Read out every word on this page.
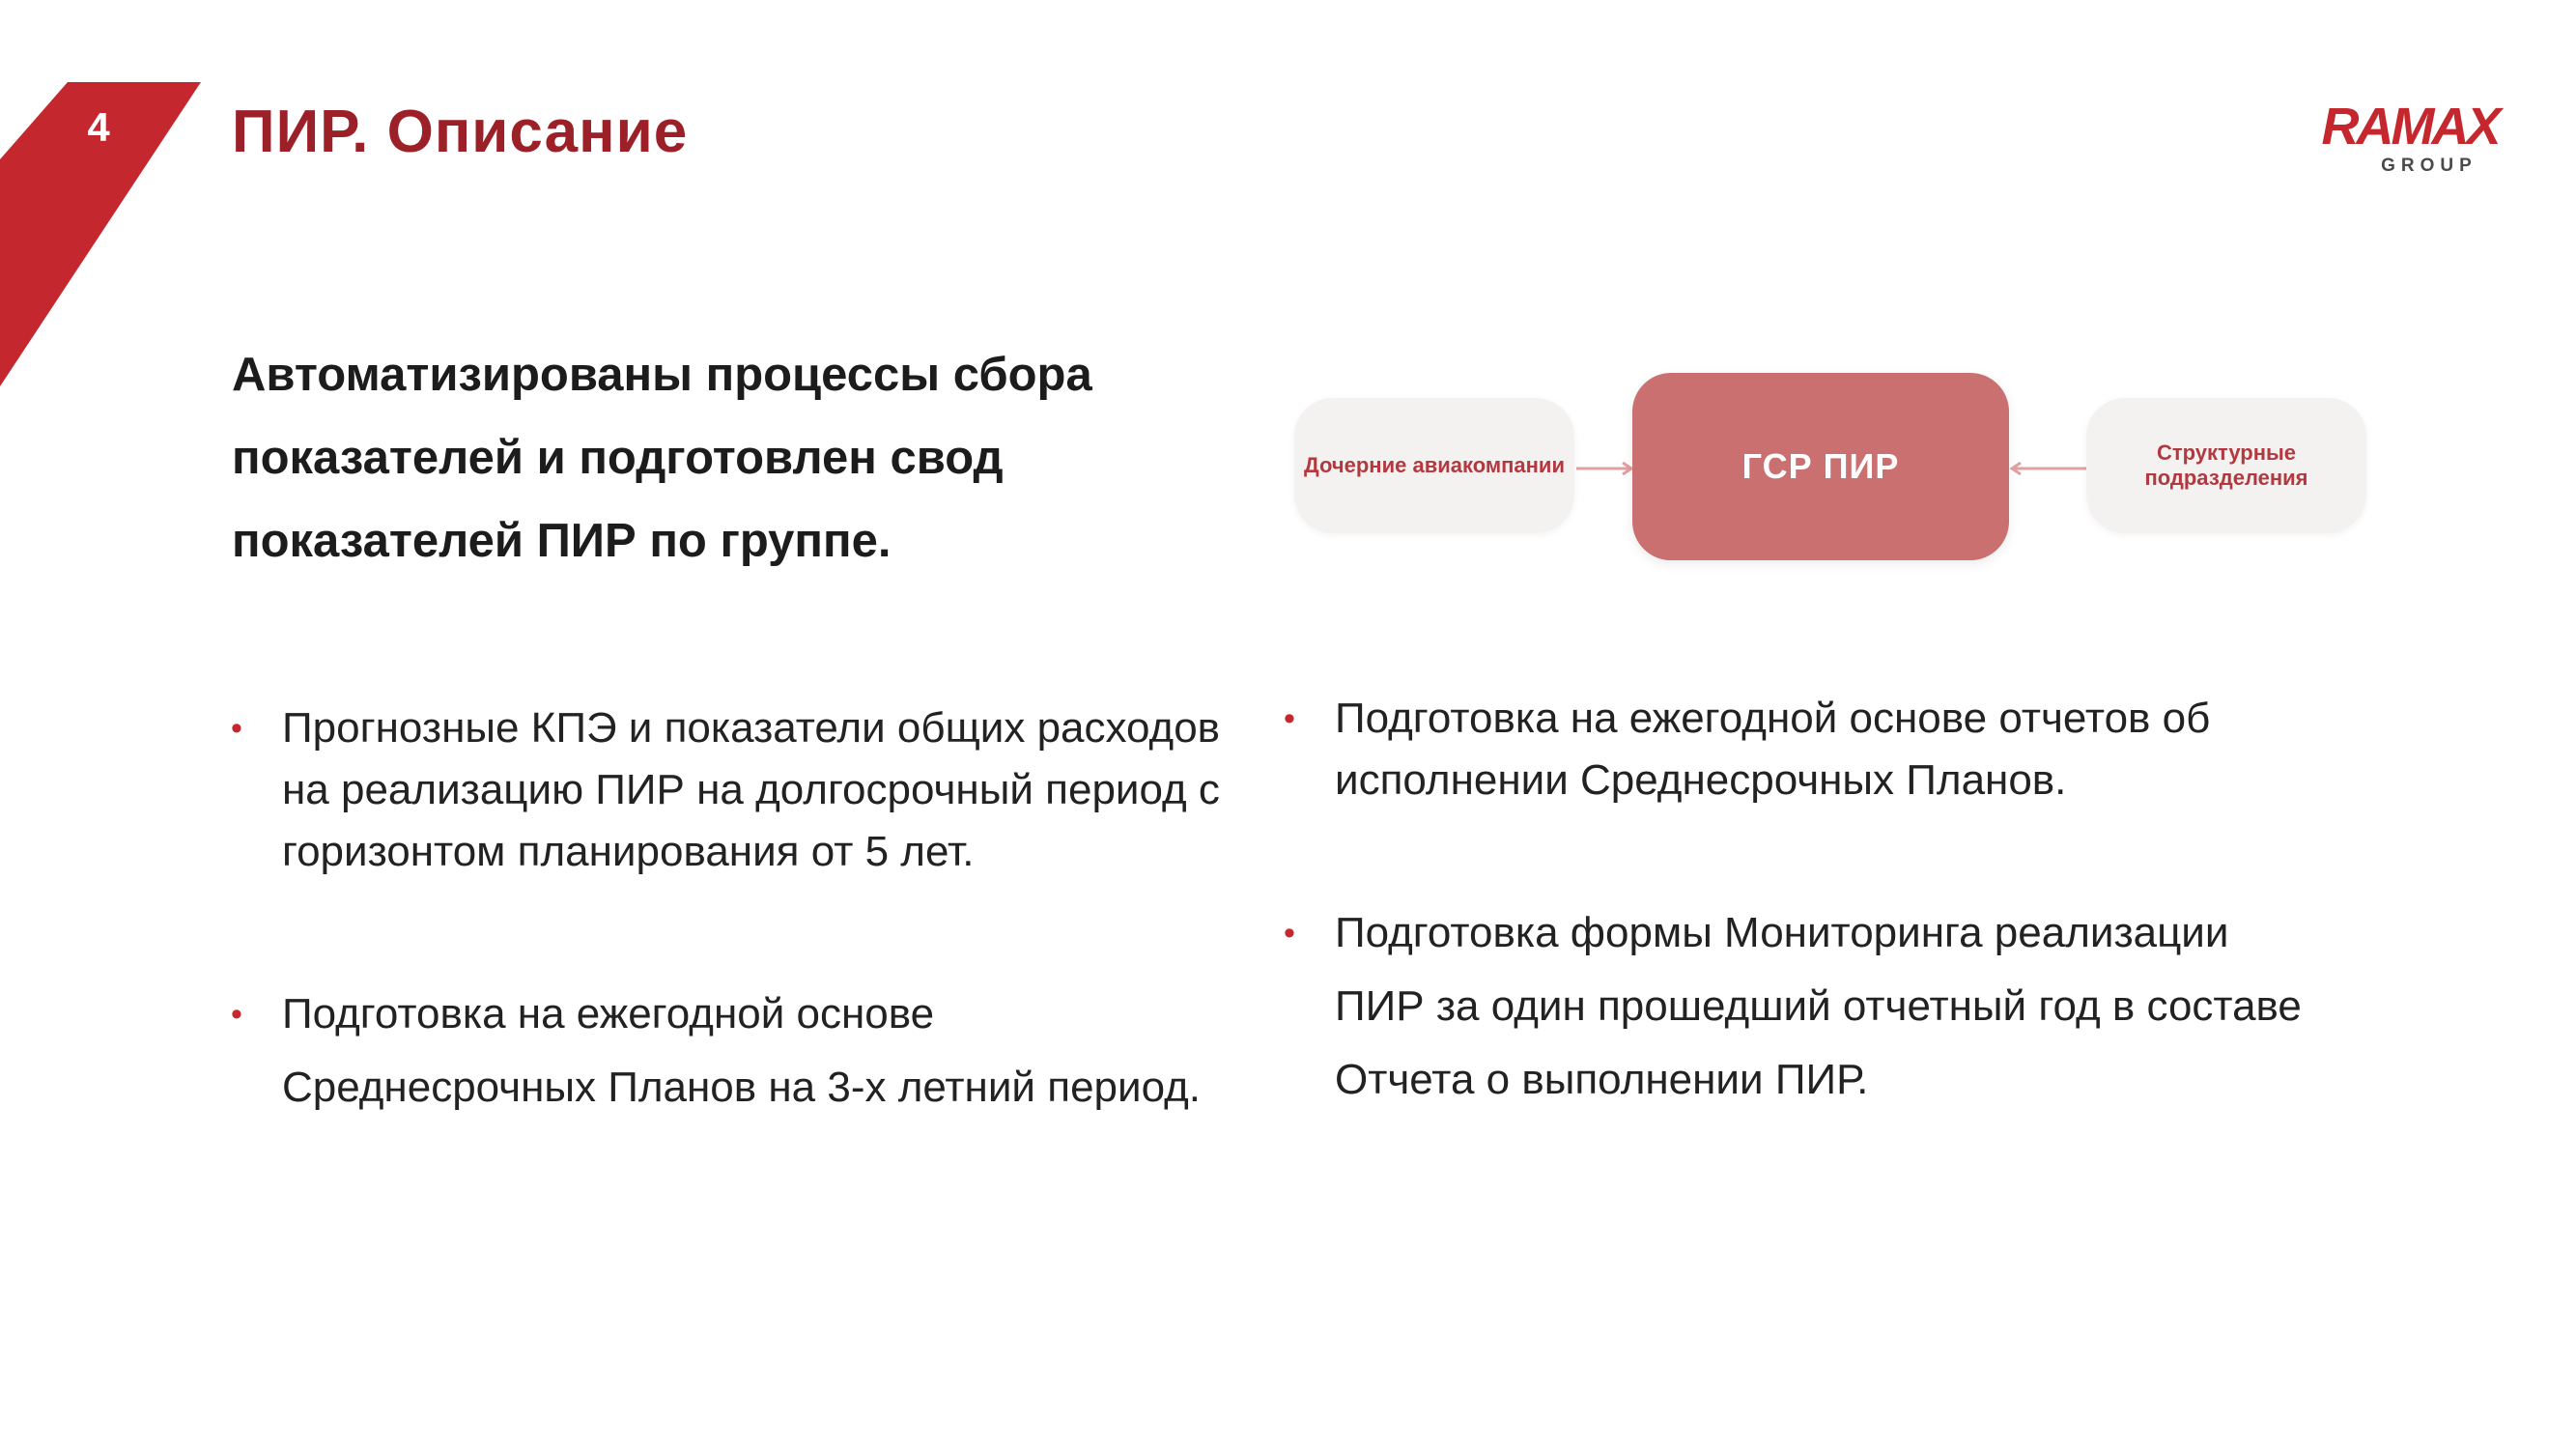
4 ПИР. Описание	RAMAX
GROUP

Автоматизированы процессы сбора показателей и подготовлен свод показателей ПИР по группе.

Дочерние авиакомпании	ГСР ПИР	Структурные подразделения
• Прогнозные КПЭ и показатели общих расходов на реализацию ПИР на долгосрочный период с горизонтом планирования от 5 лет.
• Подготовка на ежегодной основе Среднесрочных Планов на 3-х летний период.
• Подготовка на ежегодной основе отчетов об исполнении Среднесрочных Планов.
• Подготовка формы Мониторинга реализации ПИР за один прошедший отчетный год в составе Отчета о выполнении ПИР.
